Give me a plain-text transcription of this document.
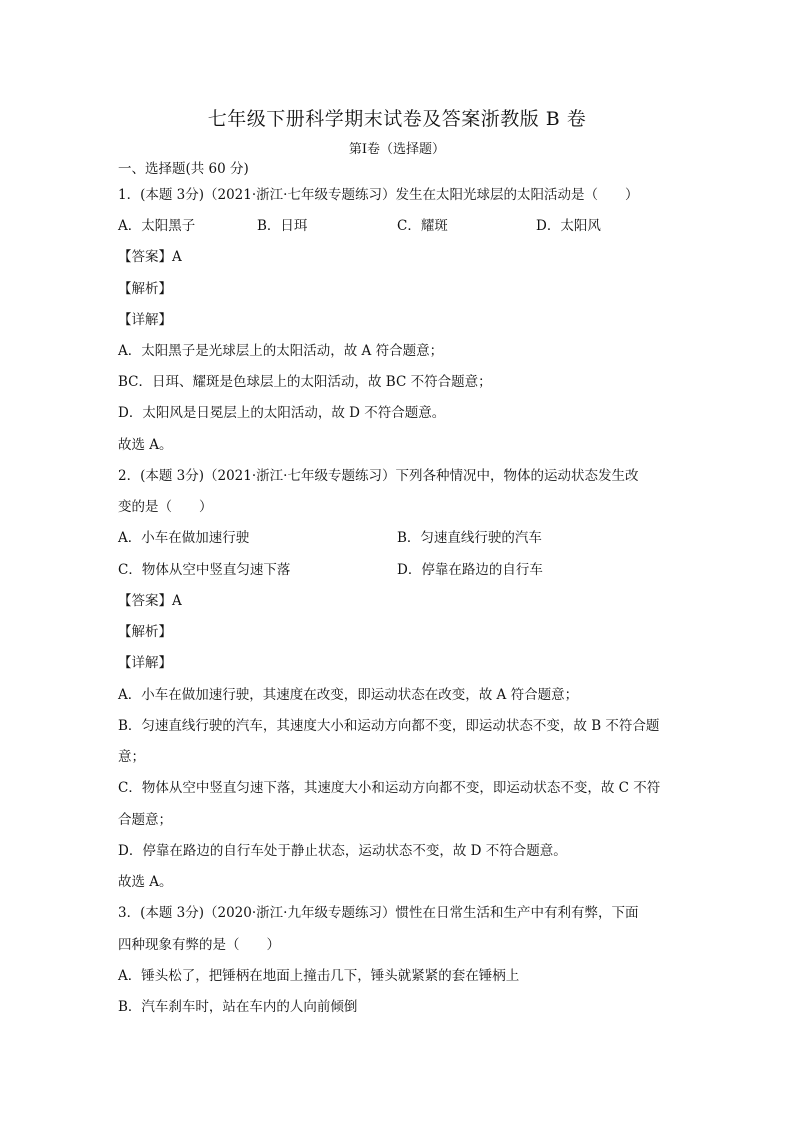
七年级下册科学期末试卷及答案浙教版 B 卷
第Ⅰ卷（选择题）
一、选择题(共 60 分)
1．(本题 3分)（2021·浙江·七年级专题练习）发生在太阳光球层的太阳活动是（　　）
A．太阳黑子	B．日珥	C．耀斑	D．太阳风
【答案】A
【解析】
【详解】
A．太阳黑子是光球层上的太阳活动，故 A 符合题意；
BC．日珥、耀斑是色球层上的太阳活动，故 BC 不符合题意；
D．太阳风是日冕层上的太阳活动，故 D 不符合题意。
故选 A。
2．(本题 3分)（2021·浙江·七年级专题练习）下列各种情况中，物体的运动状态发生改
变的是（　　）
A．小车在做加速行驶	B．匀速直线行驶的汽车
C．物体从空中竖直匀速下落	D．停靠在路边的自行车
【答案】A
【解析】
【详解】
A．小车在做加速行驶，其速度在改变，即运动状态在改变，故 A 符合题意；
B．匀速直线行驶的汽车，其速度大小和运动方向都不变，即运动状态不变，故 B 不符合题
意；
C．物体从空中竖直匀速下落，其速度大小和运动方向都不变，即运动状态不变，故 C 不符
合题意；
D．停靠在路边的自行车处于静止状态，运动状态不变，故 D 不符合题意。
故选 A。
3．(本题 3分)（2020·浙江·九年级专题练习）惯性在日常生活和生产中有利有弊，下面
四种现象有弊的是（　　）
A．锤头松了，把锤柄在地面上撞击几下，锤头就紧紧的套在锤柄上
B．汽车刹车时，站在车内的人向前倾倒
